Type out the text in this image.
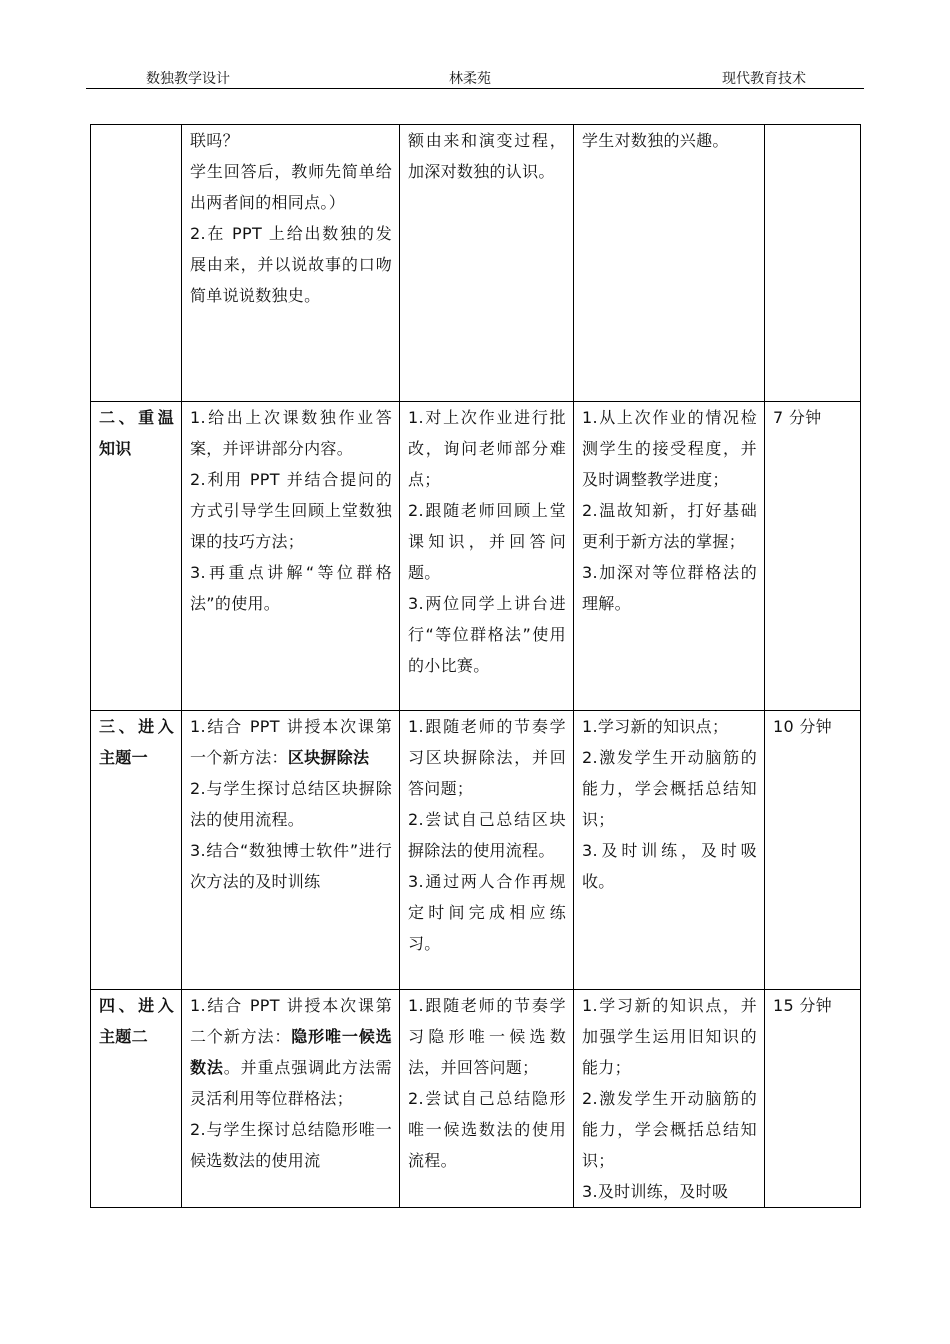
数独教学设计	林柔苑	现代教育技术

	联吗？
学生回答后，教师先简单给出两者间的相同点。）
2.在 PPT 上给出数独的发展由来，并以说故事的口吻简单说说数独史。	额由来和演变过程，加深对数独的认识。	学生对数独的兴趣。	

二、重温知识	1.给出上次课数独作业答案，并评讲部分内容。
2.利用 PPT 并结合提问的方式引导学生回顾上堂数独课的技巧方法；
3.再重点讲解“等位群格法”的使用。	1.对上次作业进行批改，询问老师部分难点；
2.跟随老师回顾上堂课知识，并回答问题。
3.两位同学上讲台进行“等位群格法”使用的小比赛。	1.从上次作业的情况检测学生的接受程度，并及时调整教学进度；
2.温故知新，打好基础更利于新方法的掌握；
3.加深对等位群格法的理解。	7 分钟

三、进入主题一	1.结合 PPT 讲授本次课第一个新方法：区块摒除法
2.与学生探讨总结区块摒除法的使用流程。
3.结合“数独博士软件”进行次方法的及时训练	1.跟随老师的节奏学习区块摒除法，并回答问题；
2.尝试自己总结区块摒除法的使用流程。
3.通过两人合作再规定时间完成相应练习。	1.学习新的知识点；
2.激发学生开动脑筋的能力，学会概括总结知识；
3.及时训练，及时吸收。	10 分钟

四、进入主题二	1.结合 PPT 讲授本次课第二个新方法：隐形唯一候选数法。并重点强调此方法需灵活利用等位群格法；
2.与学生探讨总结隐形唯一候选数法的使用流	1.跟随老师的节奏学习隐形唯一候选数法，并回答问题；
2.尝试自己总结隐形唯一候选数法的使用流程。	1.学习新的知识点，并加强学生运用旧知识的能力；
2.激发学生开动脑筋的能力，学会概括总结知识；
3.及时训练，及时吸	15 分钟
